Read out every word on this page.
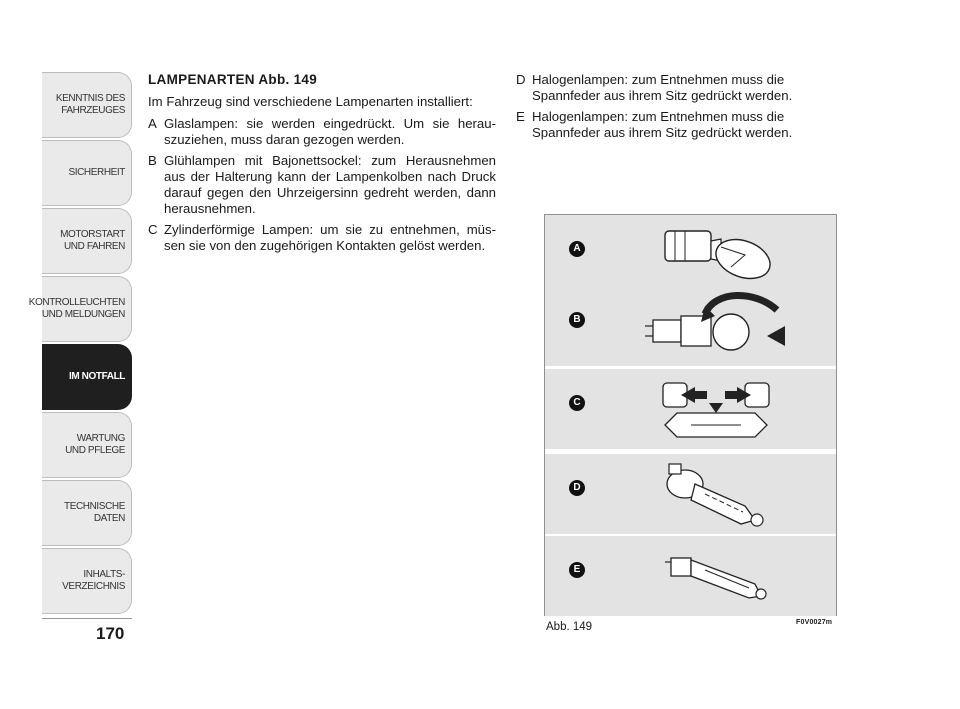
KENNTNIS DES
FAHRZEUGES
SICHERHEIT
MOTORSTART
UND FAHREN
KONTROLLEUCHTEN
UND MELDUNGEN
IM NOTFALL
WARTUNG
UND PFLEGE
TECHNISCHE DATEN
INHALTS-
VERZEICHNIS
170
LAMPENARTEN Abb. 149

Im Fahrzeug sind verschiedene Lampenarten installiert:

A Glaslampen: sie werden eingedrückt. Um sie herau-szuziehen, muss daran gezogen werden.
B Glühlampen mit Bajonettsockel: zum Herausnehmen aus der Halterung kann der Lampenkolben nach Druck darauf gegen den Uhrzeigersinn gedreht werden, dann herausnehmen.
C Zylinderförmige Lampen: um sie zu entnehmen, müs-sen sie von den zugehörigen Kontakten gelöst werden.
D Halogenlampen: zum Entnehmen muss die Spannfeder aus ihrem Sitz gedrückt werden.
E Halogenlampen: zum Entnehmen muss die Spannfeder aus ihrem Sitz gedrückt werden.
A
B
C
D
E
Abb. 149	F0V0027m
